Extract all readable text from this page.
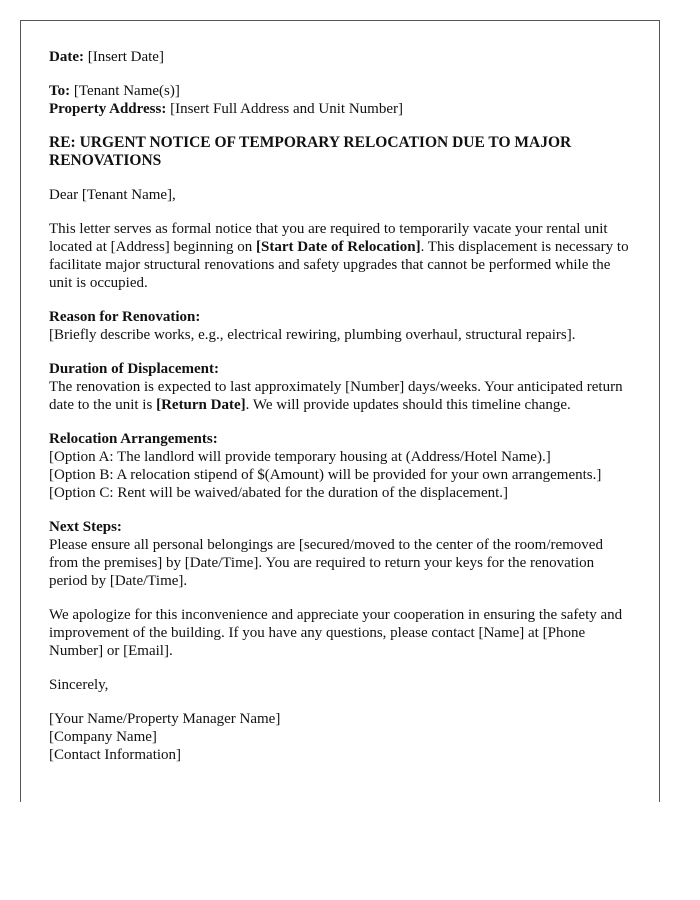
Date: [Insert Date]

To: [Tenant Name(s)]
Property Address: [Insert Full Address and Unit Number]

RE: URGENT NOTICE OF TEMPORARY RELOCATION DUE TO MAJOR RENOVATIONS

Dear [Tenant Name],

This letter serves as formal notice that you are required to temporarily vacate your rental unit located at [Address] beginning on [Start Date of Relocation]. This displacement is necessary to facilitate major structural renovations and safety upgrades that cannot be performed while the unit is occupied.

Reason for Renovation:
[Briefly describe works, e.g., electrical rewiring, plumbing overhaul, structural repairs].

Duration of Displacement:
The renovation is expected to last approximately [Number] days/weeks. Your anticipated return date to the unit is [Return Date]. We will provide updates should this timeline change.

Relocation Arrangements:
[Option A: The landlord will provide temporary housing at (Address/Hotel Name).]
[Option B: A relocation stipend of $(Amount) will be provided for your own arrangements.]
[Option C: Rent will be waived/abated for the duration of the displacement.]

Next Steps:
Please ensure all personal belongings are [secured/moved to the center of the room/removed from the premises] by [Date/Time]. You are required to return your keys for the renovation period by [Date/Time].

We apologize for this inconvenience and appreciate your cooperation in ensuring the safety and improvement of the building. If you have any questions, please contact [Name] at [Phone Number] or [Email].

Sincerely,

[Your Name/Property Manager Name]
[Company Name]
[Contact Information]
